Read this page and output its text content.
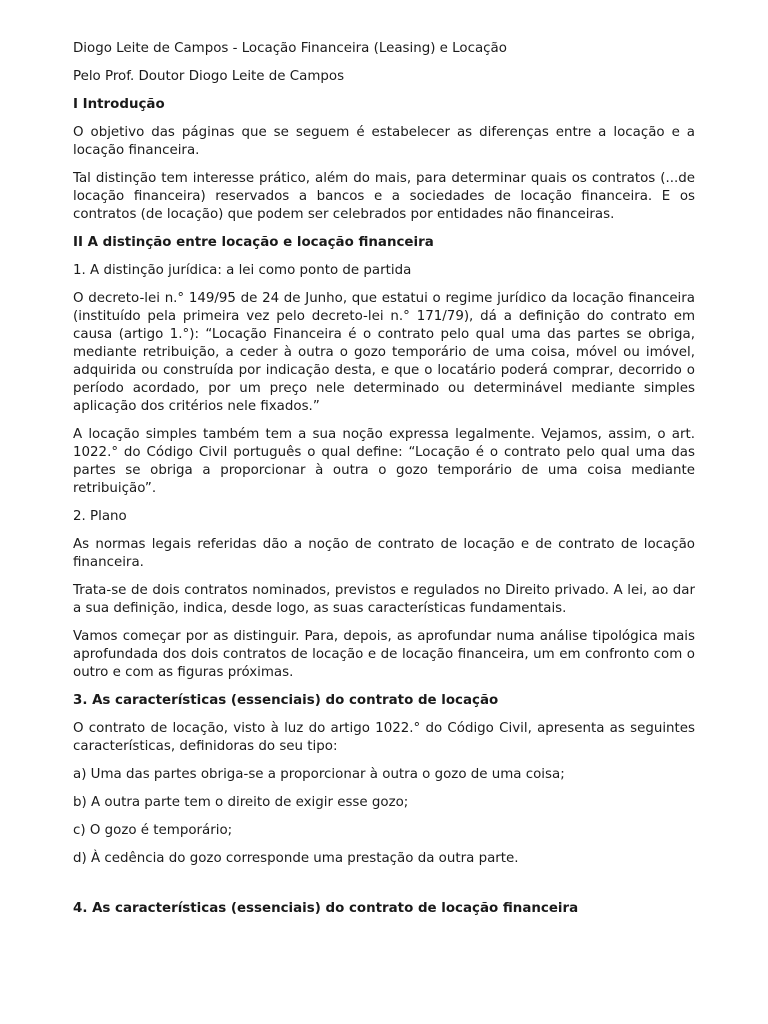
Diogo Leite de Campos - Locação Financeira (Leasing) e Locação

Pelo Prof. Doutor Diogo Leite de Campos

I Introdução

O objetivo das páginas que se seguem é estabelecer as diferenças entre a locação e a locação financeira.

Tal distinção tem interesse prático, além do mais, para determinar quais os contratos (...de locação financeira) reservados a bancos e a sociedades de locação financeira. E os contratos (de locação) que podem ser celebrados por entidades não financeiras.

II A distinção entre locação e locação financeira

1. A distinção jurídica: a lei como ponto de partida

O decreto-lei n.° 149/95 de 24 de Junho, que estatui o regime jurídico da locação financeira (instituído pela primeira vez pelo decreto-lei n.° 171/79), dá a definição do contrato em causa (artigo 1.°): “Locação Financeira é o contrato pelo qual uma das partes se obriga, mediante retribuição, a ceder à outra o gozo temporário de uma coisa, móvel ou imóvel, adquirida ou construída por indicação desta, e que o locatário poderá comprar, decorrido o período acordado, por um preço nele determinado ou determinável mediante simples aplicação dos critérios nele fixados.”

A locação simples também tem a sua noção expressa legalmente. Vejamos, assim, o art. 1022.° do Código Civil português o qual define: “Locação é o contrato pelo qual uma das partes se obriga a proporcionar à outra o gozo temporário de uma coisa mediante retribuição”.

2. Plano

As normas legais referidas dão a noção de contrato de locação e de contrato de locação financeira.

Trata-se de dois contratos nominados, previstos e regulados no Direito privado. A lei, ao dar a sua definição, indica, desde logo, as suas características fundamentais.

Vamos começar por as distinguir. Para, depois, as aprofundar numa análise tipológica mais aprofundada dos dois contratos de locação e de locação financeira, um em confronto com o outro e com as figuras próximas.

3. As características (essenciais) do contrato de locação

O contrato de locação, visto à luz do artigo 1022.° do Código Civil, apresenta as seguintes características, definidoras do seu tipo:

a) Uma das partes obriga-se a proporcionar à outra o gozo de uma coisa;

b) A outra parte tem o direito de exigir esse gozo;

c) O gozo é temporário;

d) À cedência do gozo corresponde uma prestação da outra parte.

4. As características (essenciais) do contrato de locação financeira
